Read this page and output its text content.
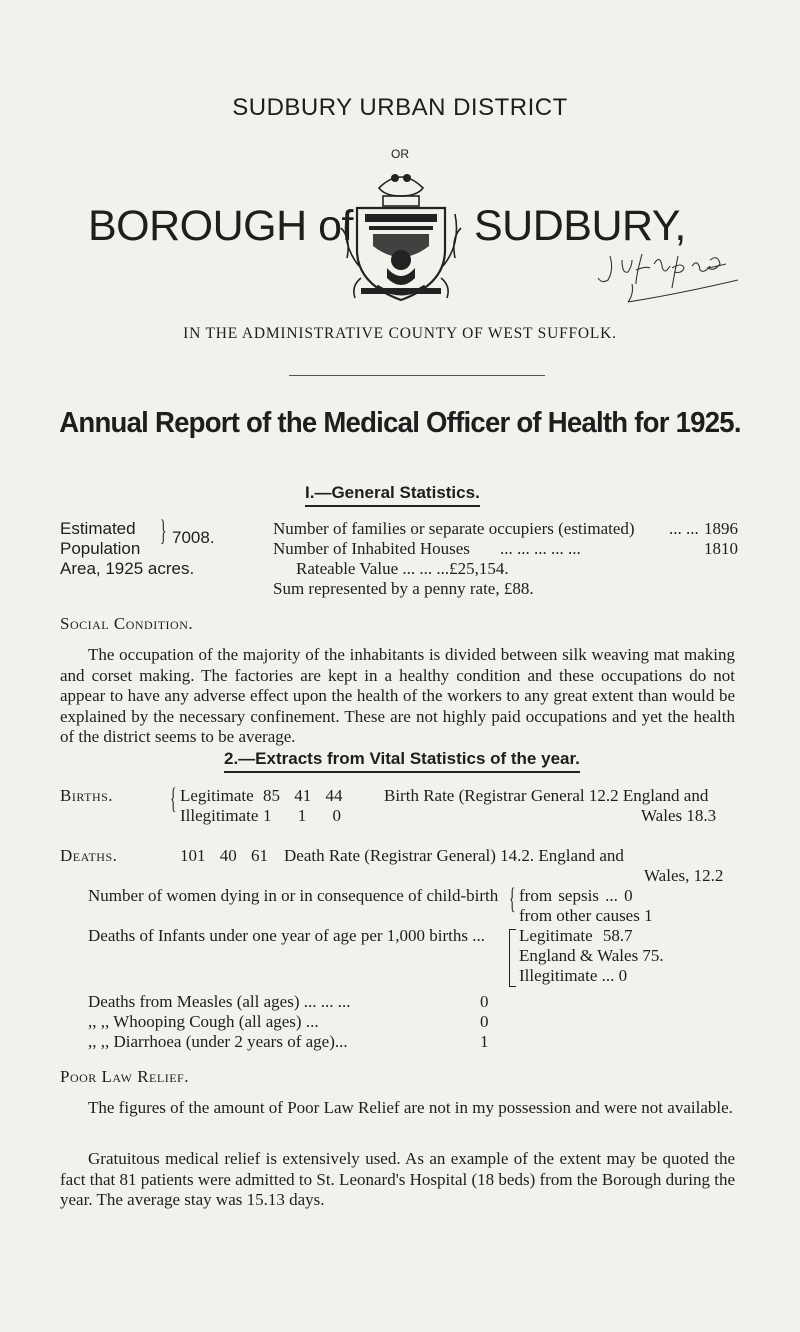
SUDBURY URBAN DISTRICT
OR
BOROUGH of	SUDBURY,
IN THE ADMINISTRATIVE COUNTY OF WEST SUFFOLK.
Annual Report of the Medical Officer of Health for 1925.
I.—General Statistics.
Estimated
Population
} 7008.
Area, 1925 acres.
Number of families or separate occupiers (estimated) ... ... 1896
Number of Inhabited Houses ... ... ... ... ...	1810
Rateable Value ... ... ...£25,154.
Sum represented by a penny rate, £88.
Social Condition.
The occupation of the majority of the inhabitants is divided between silk weaving mat making and corset making. The factories are kept in a healthy condition and these occupations do not appear to have any adverse effect upon the health of the workers to any great extent than would be explained by the necessary confinement. These are not highly paid occupations and yet the health of the district seems to be average.
2.—Extracts from Vital Statistics of the year.
Births. { Legitimate 85 41 44
Illegitimate 1 1 0
Birth Rate (Registrar General 12.2 England and
Wales 18.3
Deaths.	101 40 61 Death Rate (Registrar General) 14.2. England and
Wales, 12.2
Number of women dying in or in consequence of child-birth { from sepsis ... 0
from other causes 1
Deaths of Infants under one year of age per 1,000 births ... Legitimate 58.7
England & Wales 75.
Illegitimate ... 0
Deaths from Measles (all ages) ... ... ...	0
,, ,, Whooping Cough (all ages) ...	0
,, ,, Diarrhoea (under 2 years of age)...	1
Poor Law Relief.
The figures of the amount of Poor Law Relief are not in my possession and were not available.
Gratuitous medical relief is extensively used. As an example of the extent may be quoted the fact that 81 patients were admitted to St. Leonard's Hospital (18 beds) from the Borough during the year. The average stay was 15.13 days.
